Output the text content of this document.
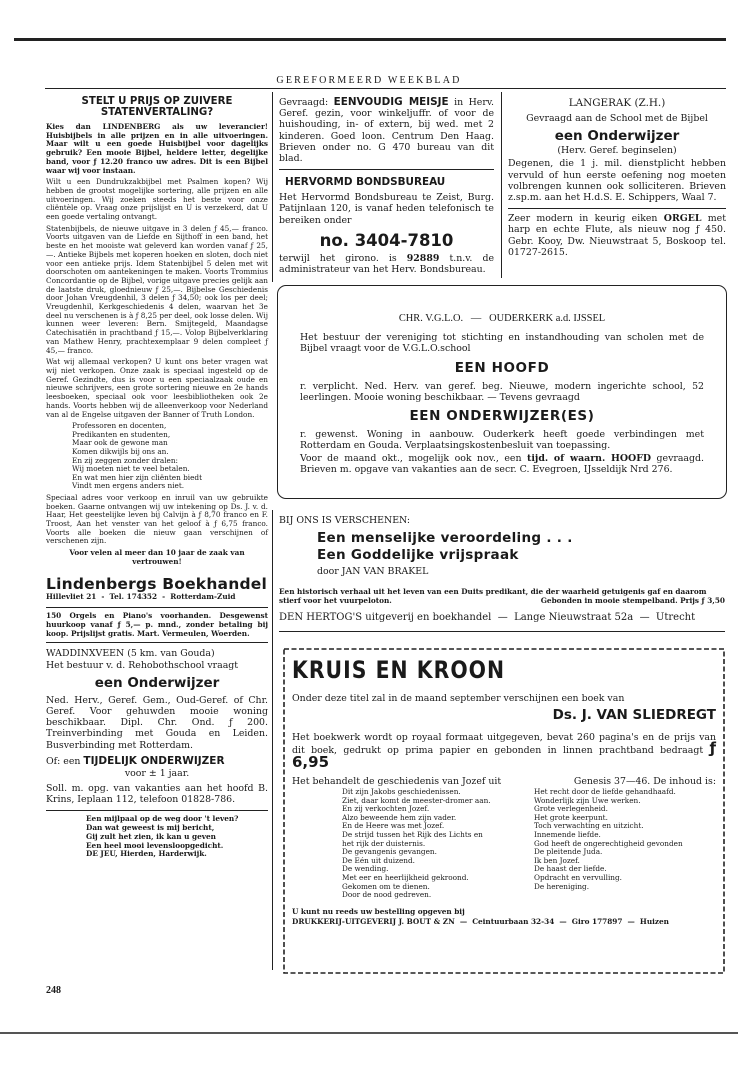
GEREFORMEERD WEEKBLAD
STELT U PRIJS OP ZUIVERE
STATENVERTALING?

Kies dan LINDENBERG als uw leverancier! Huisbijbels in alle prijzen en in alle uitvoeringen. Maar wilt u een goede Huisbijbel voor dagelijks gebruik? Een mooie Bijbel, heldere letter, degelijke band, voor ƒ 12.20 franco uw adres. Dit is een Bijbel waar wij voor instaan.

Wilt u een Dundrukzakbijbel met Psalmen kopen? Wij hebben de grootst mogelijke sortering, alle prijzen en alle uitvoeringen. Wij zoeken steeds het beste voor onze cliëntèle op. Vraag onze prijslijst en U is verzekerd, dat U een goede vertaling ontvangt.

Statenbijbels, de nieuwe uitgave in 3 delen ƒ 45,— franco. Voorts uitgaven van de Liefde en Sijthoff in een band, het beste en het mooiste wat geleverd kan worden vanaf ƒ 25,—. Antieke Bijbels met koperen hoeken en sloten, doch niet voor een antieke prijs. Idem Statenbijbel 5 delen met wit doorschoten om aantekeningen te maken. Voorts Trommius Concordantie op de Bijbel, vorige uitgave precies gelijk aan de laatste druk, gloednieuw ƒ 25,—. Bijbelse Geschiedenis door Johan Vreugdenhil, 3 delen ƒ 34,50; ook los per deel; Vreugdenhil, Kerkgeschiedenis 4 delen, waarvan het 3e deel nu verschenen is à ƒ 8,25 per deel, ook losse delen. Wij kunnen weer leveren: Bern. Smijtegeld, Maandagse Catechisatiën in prachtband ƒ 15,—. Volop Bijbelverklaring van Mathew Henry, prachtexemplaar 9 delen compleet ƒ 45,— franco.

Wat wij allemaal verkopen? U kunt ons beter vragen wat wij niet verkopen. Onze zaak is speciaal ingesteld op de Geref. Gezindte, dus is voor u een speciaalzaak oude en nieuwe schrijvers, een grote sortering nieuwe en 2e hands leesboeken, speciaal ook voor leesbibliotheken ook 2e hands. Voorts hebben wij de alleenverkoop voor Nederland van al de Engelse uitgaven der Banner of Truth London.

Professoren en docenten,
Predikanten en studenten,
Maar ook de gewone man
Komen dikwijls bij ons an.
En zij zeggen zonder dralen:
Wij moeten niet te veel betalen.
En wat men hier zijn cliënten biedt
Vindt men ergens anders niet.

Speciaal adres voor verkoop en inruil van uw gebruikte boeken. Gaarne ontvangen wij uw intekening op Ds. J. v. d. Haar, Het geestelijke leven bij Calvijn à ƒ 8,70 franco en F. Troost, Aan het venster van het geloof à ƒ 6,75 franco. Voorts alle boeken die nieuw gaan verschijnen of verschenen zijn.

Voor velen al meer dan 10 jaar de zaak van
vertrouwen!
Lindenbergs Boekhandel
Hillevliet 21  -  Tel. 174352  -  Rotterdam-Zuid

150 Orgels en Piano's voorhanden. Desgewenst huurkoop vanaf ƒ 5,— p. mnd., zonder betaling bij koop. Prijslijst gratis. Mart. Vermeulen, Woerden.

WADDINXVEEN (5 km. van Gouda)
Het bestuur v. d. Rehobothschool vraagt
een Onderwijzer

Ned. Herv., Geref. Gem., Oud-Geref. of Chr. Geref. Voor gehuwden mooie woning beschikbaar. Dipl. Chr. Ond. ƒ 200. Treinverbinding met Gouda en Leiden. Busverbinding met Rotterdam.

Of: een TIJDELIJK ONDERWIJZER
voor ± 1 jaar.

Soll. m. opg. van vakanties aan het hoofd B. Krins, Ieplaan 112, telefoon 01828-786.

Een mijlpaal op de weg door 't leven?
Dan wat geweest is mij bericht,
Gij zult het zien, ik kan u geven
Een heel mooi levensloopgedicht.
DE JEU, Hierden, Harderwijk.
248

Gevraagd: EENVOUDIG MEISJE in Herv. Geref. gezin, voor winkeljuffr. of voor de huishouding, in- of extern, bij wed. met 2 kinderen. Goed loon. Centrum Den Haag. Brieven onder no. G 470 bureau van dit blad.

HERVORMD BONDSBUREAU

Het Hervormd Bondsbureau te Zeist, Burg. Patijnlaan 120, is vanaf heden telefonisch te bereiken onder

no. 3404-7810

terwijl het girono. is 92889 t.n.v. de administrateur van het Herv. Bondsbureau.

LANGERAK (Z.H.)
Gevraagd aan de School met de Bijbel
een Onderwijzer
(Herv. Geref. beginselen)

Degenen, die 1 j. mil. dienstplicht hebben vervuld of hun eerste oefening nog moeten volbrengen kunnen ook solliciteren. Brieven z.sp.m. aan het H.d.S. E. Schippers, Waal 7.

Zeer modern in keurig eiken ORGEL met harp en echte Flute, als nieuw nog ƒ 450. Gebr. Kooy, Dw. Nieuwstraat 5, Boskoop tel. 01727-2615.

CHR. V.G.L.O. — OUDERKERK a.d. IJSSEL

Het bestuur der vereniging tot stichting en instandhouding van scholen met de Bijbel vraagt voor de V.G.L.O.school

EEN HOOFD

r. verplicht. Ned. Herv. van geref. beg. Nieuwe, modern ingerichte school, 52 leerlingen. Mooie woning beschikbaar. — Tevens gevraagd

EEN ONDERWIJZER(ES)

r. gewenst. Woning in aanbouw. Ouderkerk heeft goede verbindingen met Rotterdam en Gouda. Verplaatsingskostenbesluit van toepassing.

Voor de maand okt., mogelijk ook nov., een tijd. of waarn. HOOFD gevraagd. Brieven m. opgave van vakanties aan de secr. C. Evegroen, IJsseldijk Nrd 276.

BIJ ONS IS VERSCHENEN:
Een menselijke veroordeling . . .
Een Goddelijke vrijspraak
door JAN VAN BRAKEL

Een historisch verhaal uit het leven van een Duits predikant, die der waarheid getuigenis gaf en daarom stierf voor het vuurpeloton.	Gebonden in mooie stempelband. Prijs ƒ 3,50
DEN HERTOG'S uitgeverij en boekhandel  —  Lange Nieuwstraat 52a  —  Utrecht
KRUIS EN KROON
Onder deze titel zal in de maand september verschijnen een boek van
Ds. J. VAN SLIEDREGT

Het boekwerk wordt op royaal formaat uitgegeven, bevat 260 pagina's en de prijs van dit boek, gedrukt op prima papier en gebonden in linnen prachtband bedraagt ƒ 6,95

Het behandelt de geschiedenis van Jozef uit	Genesis 37—46. De inhoud is:
Dit zijn Jakobs geschiedenissen.
Ziet, daar komt de meester-dromer aan.
En zij verkochten Jozef.
Alzo beweende hem zijn vader.
En de Heere was met Jozef.
De strijd tussen het Rijk des Lichts en
het rijk der duisternis.
De gevangenis gevangen.
De Eén uit duizend.
De wending.
Met eer en heerlijkheid gekroond.
Gekomen om te dienen.
Door de nood gedreven.
Het recht door de liefde gehandhaafd.
Wonderlijk zijn Uwe werken.
Grote verlegenheid.
Het grote keerpunt.
Toch verwachting en uitzicht.
Innemende liefde.
God heeft de ongerechtigheid gevonden
De pleitende Juda.
Ik ben Jozef.
De haast der liefde.
Opdracht en vervulling.
De hereniging.
U kunt nu reeds uw bestelling opgeven bij
DRUKKERIJ-UITGEVERIJ J. BOUT & ZN  —  Ceintuurbaan 32-34  —  Giro 177897  —  Huizen
